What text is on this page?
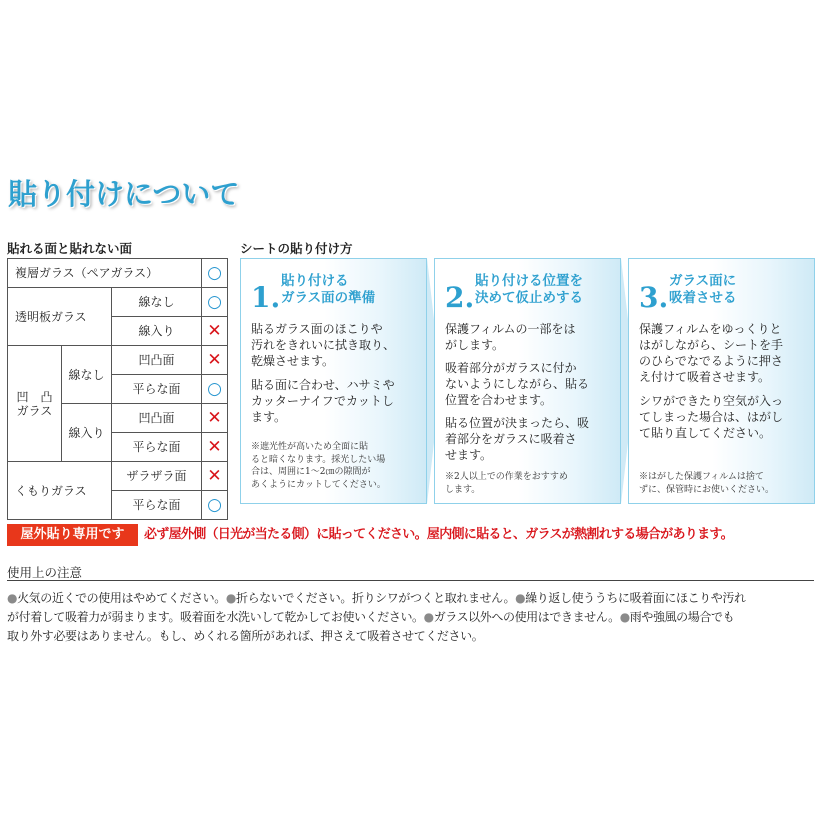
貼り付けについて

貼れる面と貼れない面

複層ガラス（ペアガラス）			○
透明板ガラス		線なし	○
		線入り	✕
凹　凸
ガラス	線なし	凹凸面	✕
		平らな面	○
	線入り	凹凸面	✕
		平らな面	✕
くもりガラス		ザラザラ面	✕
		平らな面	○

シートの貼り付け方

1. 貼り付ける
ガラス面の準備
貼るガラス面のほこりや
汚れをきれいに拭き取り、
乾燥させます。
貼る面に合わせ、ハサミや
カッターナイフでカットし
ます。
※遮光性が高いため全面に貼
ると暗くなります。採光したい場
合は、周囲に1～2㎝の隙間が
あくようにカットしてください。
2. 貼り付ける位置を
決めて仮止めする
保護フィルムの一部をは
がします。
吸着部分がガラスに付か
ないようにしながら、貼る
位置を合わせます。
貼る位置が決まったら、吸
着部分をガラスに吸着さ
せます。
※2人以上での作業をおすすめ
します。
3. ガラス面に
吸着させる
保護フィルムをゆっくりと
はがしながら、シートを手
のひらでなでるように押さ
え付けて吸着させます。
シワができたり空気が入っ
てしまった場合は、はがし
て貼り直してください。
※はがした保護フィルムは捨て
ずに、保管時にお使いください。
屋外貼り専用です	必ず屋外側（日光が当たる側）に貼ってください。屋内側に貼ると、ガラスが熱割れする場合があります。

使用上の注意

●火気の近くでの使用はやめてください。●折らないでください。折りシワがつくと取れません。●繰り返し使ううちに吸着面にほこりや汚れ
が付着して吸着力が弱まります。吸着面を水洗いして乾かしてお使いください。●ガラス以外への使用はできません。●雨や強風の場合でも
取り外す必要はありません。もし、めくれる箇所があれば、押さえて吸着させてください。
